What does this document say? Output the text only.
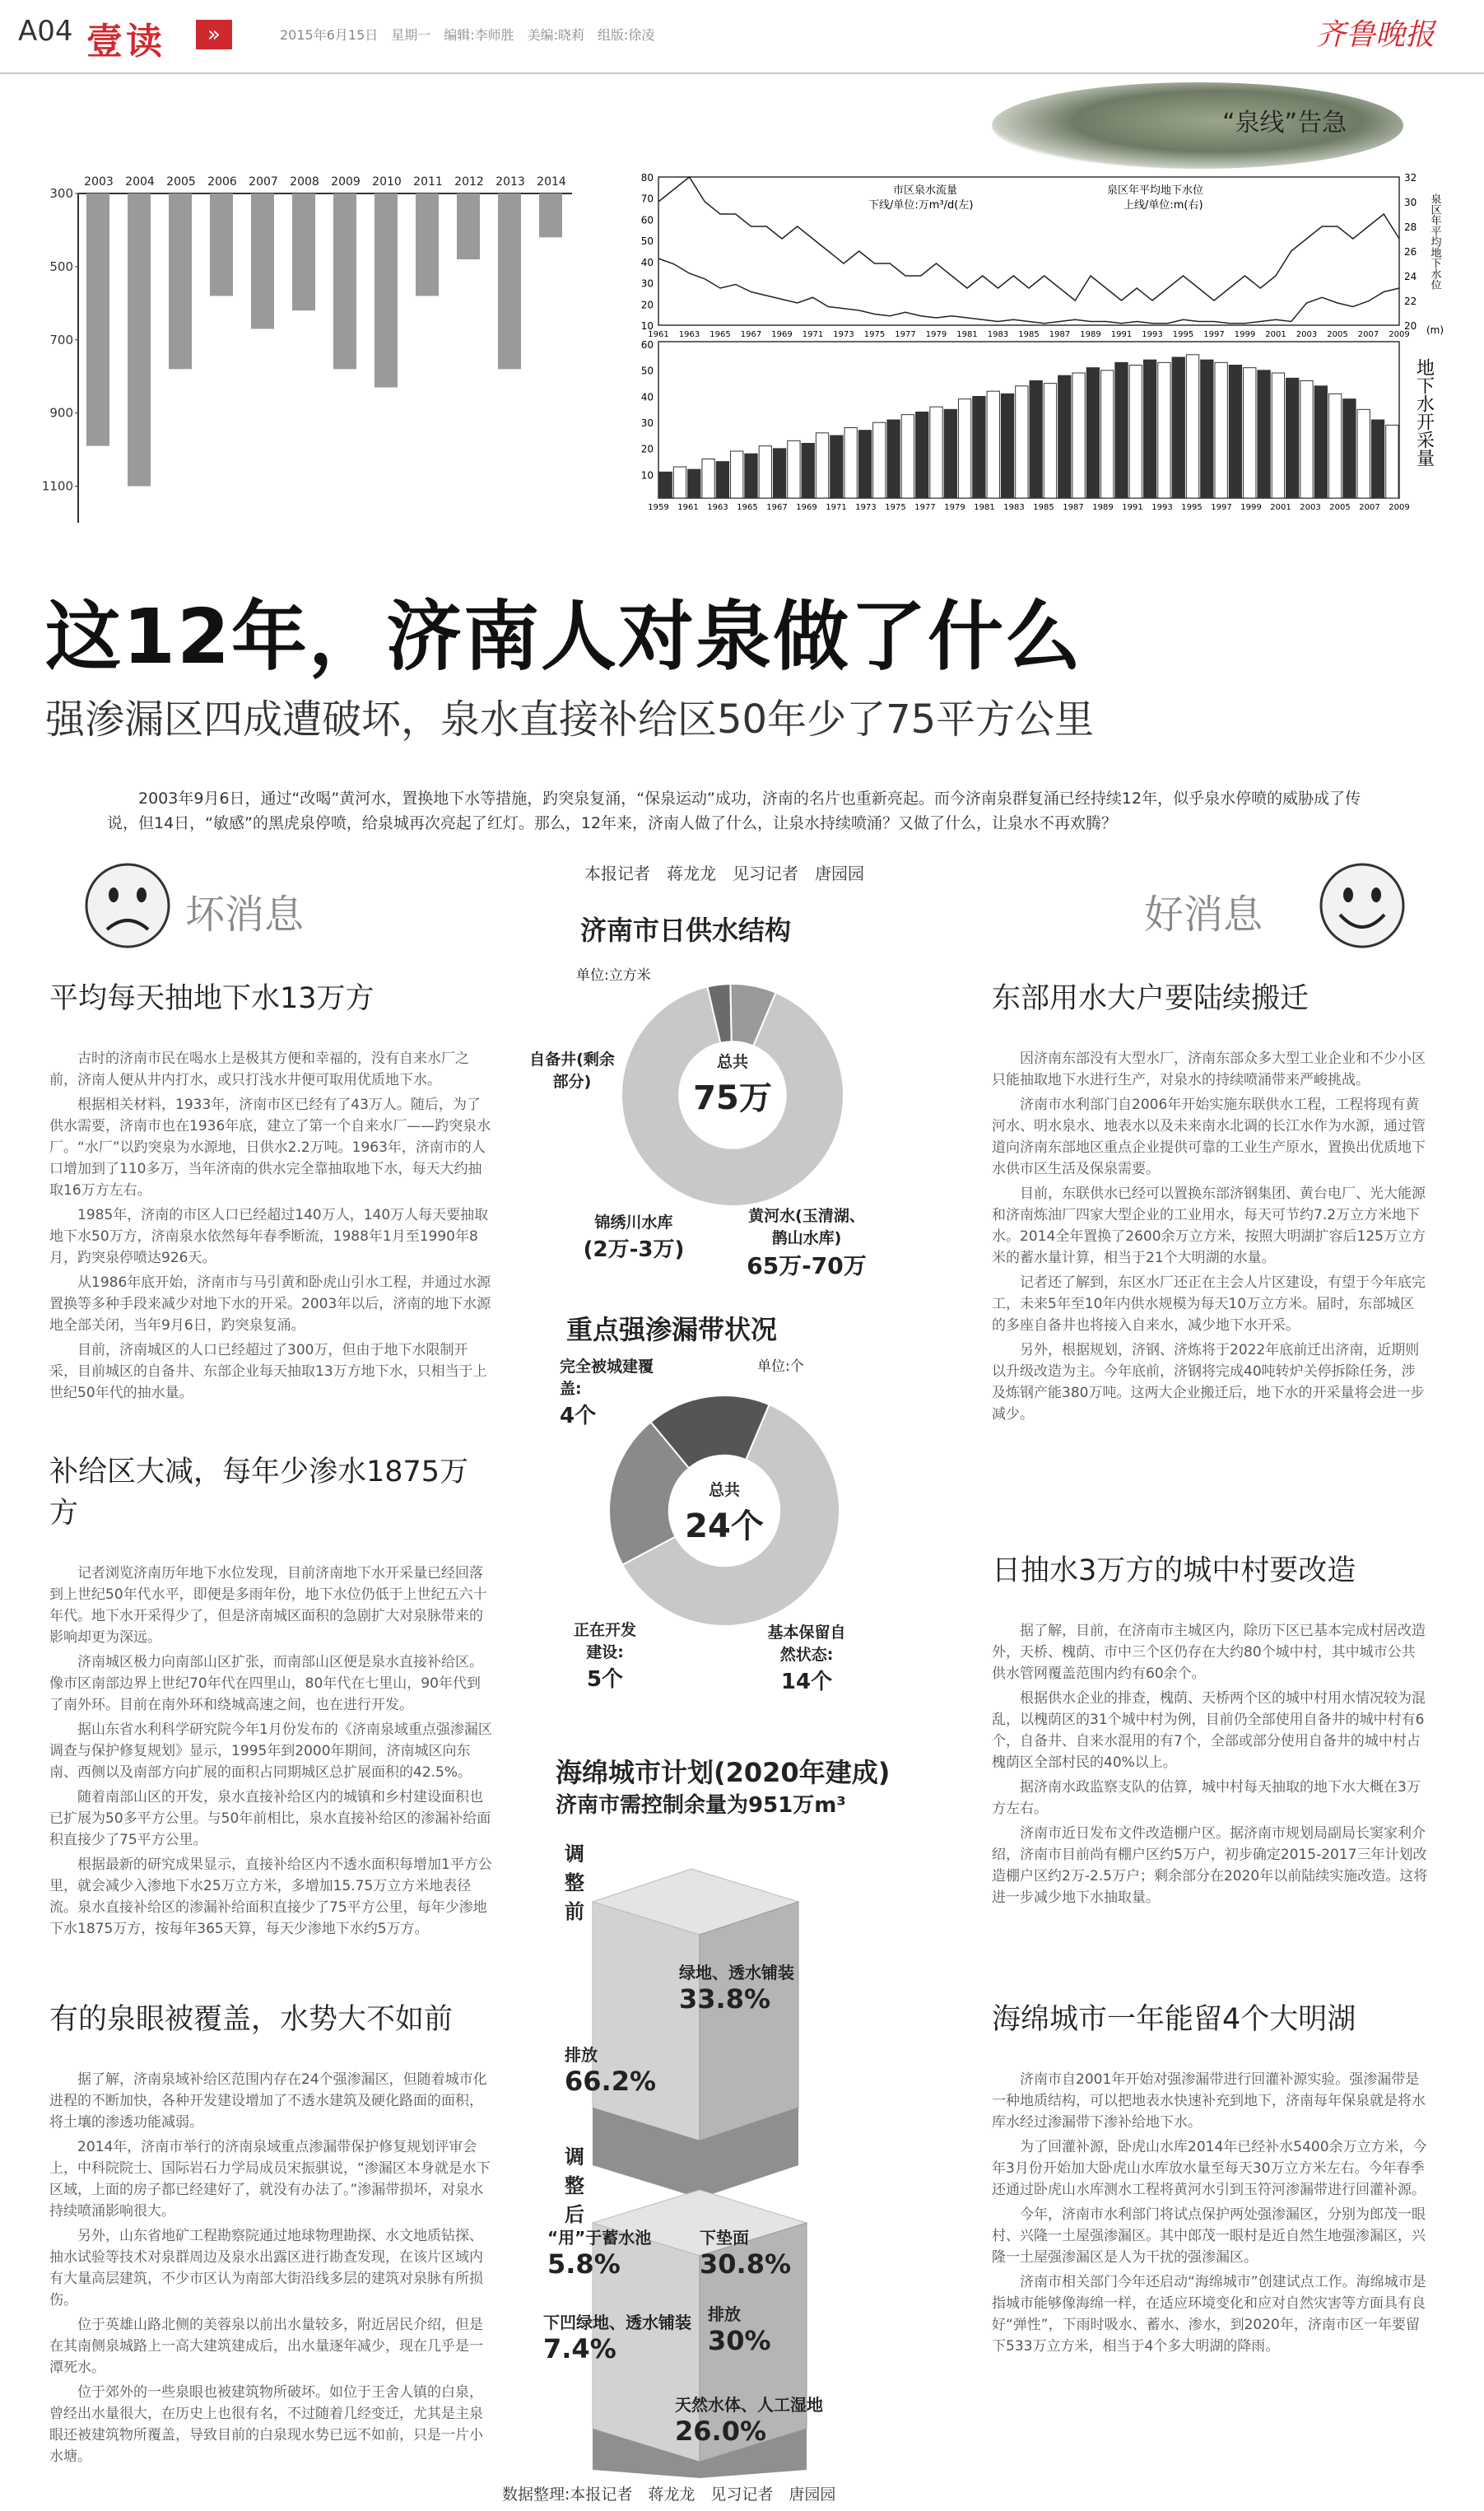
A04 壹读	»	2015年6月15日　星期一　编辑:李师胜　美编:晓莉　组版:徐凌	齐鲁晚报
“泉线”告急
300
500
700
900
1100
2003 2004 2005 2006 2007 2008 2009 2010 2011 2012 2013 2014	80
70
60
50
40
30
20
10
32
30
28
26
24
22
20
市区泉水流量
下线/单位:万m³/d(左)
泉区年平均地下水位
上线/单位:m(右)	泉区年平均地下水位
(m)
1961 1963 1965 1967 1969 1971 1973 1975 1977 1979 1981 1983 1985 1987 1989 1991 1993 1995 1997 1999 2001 2003 2005 2007 2009
60
50
40
30
20
10
1959 1961 1963 1965 1967 1969 1971 1973 1975 1977 1979 1981 1983 1985 1987 1989 1991 1993 1995 1997 1999 2001 2003 2005 2007 2009
地下水开采量
这12年，济南人对泉做了什么
强渗漏区四成遭破坏，泉水直接补给区50年少了75平方公里
2003年9月6日，通过“改喝”黄河水，置换地下水等措施，趵突泉复涌，“保泉运动”成功，济南的名片也重新亮起。而今济南泉群复涌已经持续12年，似乎泉水停喷的威胁成了传说，但14日，“敏感”的黑虎泉停喷，给泉城再次亮起了红灯。那么，12年来，济南人做了什么，让泉水持续喷涌？又做了什么，让泉水不再欢腾？
坏消息	好消息
本报记者　蒋龙龙　见习记者　唐园园
平均每天抽地下水13万方

古时的济南市民在喝水上是极其方便和幸福的，没有自来水厂之前，济南人便从井内打水，或只打浅水井便可取用优质地下水。

根据相关材料，1933年，济南市区已经有了43万人。随后，为了供水需要，济南市也在1936年底，建立了第一个自来水厂——趵突泉水厂。“水厂”以趵突泉为水源地，日供水2.2万吨。1963年，济南市的人口增加到了110多万，当年济南的供水完全靠抽取地下水，每天大约抽取16万方左右。

1985年，济南的市区人口已经超过140万人，140万人每天要抽取地下水50万方，济南泉水依然每年春季断流，1988年1月至1990年8月，趵突泉停喷达926天。

从1986年底开始，济南市与马引黄和卧虎山引水工程，并通过水源置换等多种手段来减少对地下水的开采。2003年以后，济南的地下水源地全部关闭，当年9月6日，趵突泉复涌。

目前，济南城区的人口已经超过了300万，但由于地下水限制开采，目前城区的自备井、东部企业每天抽取13万方地下水，只相当于上世纪50年代的抽水量。

补给区大减，每年少渗水1875万方

记者浏览济南历年地下水位发现，目前济南地下水开采量已经回落到上世纪50年代水平，即便是多雨年份，地下水位仍低于上世纪五六十年代。地下水开采得少了，但是济南城区面积的急剧扩大对泉脉带来的影响却更为深远。

济南城区极力向南部山区扩张，而南部山区便是泉水直接补给区。像市区南部边界上世纪70年代在四里山，80年代在七里山，90年代到了南外环。目前在南外环和绕城高速之间，也在进行开发。

据山东省水利科学研究院今年1月份发布的《济南泉域重点强渗漏区调查与保护修复规划》显示，1995年到2000年期间，济南城区向东南、西侧以及南部方向扩展的面积占同期城区总扩展面积的42.5%。

随着南部山区的开发，泉水直接补给区内的城镇和乡村建设面积也已扩展为50多平方公里。与50年前相比，泉水直接补给区的渗漏补给面积直接少了75平方公里。

根据最新的研究成果显示，直接补给区内不透水面积每增加1平方公里，就会减少入渗地下水25万立方米，多增加15.75万立方米地表径流。泉水直接补给区的渗漏补给面积直接少了75平方公里，每年少渗地下水1875万方，按每年365天算，每天少渗地下水约5万方。

有的泉眼被覆盖，水势大不如前

据了解，济南泉域补给区范围内存在24个强渗漏区，但随着城市化进程的不断加快，各种开发建设增加了不透水建筑及硬化路面的面积，将土壤的渗透功能减弱。

2014年，济南市举行的济南泉域重点渗漏带保护修复规划评审会上，中科院院士、国际岩石力学局成员宋振骐说，“渗漏区本身就是水下区域，上面的房子都已经建好了，就没有办法了。”渗漏带损坏，对泉水持续喷涌影响很大。

另外，山东省地矿工程勘察院通过地球物理勘探、水文地质钻探、抽水试验等技术对泉群周边及泉水出露区进行勘查发现，在该片区域内有大量高层建筑，不少市区认为南部大街沿线多层的建筑对泉脉有所损伤。

位于英雄山路北侧的美蓉泉以前出水量较多，附近居民介绍，但是在其南侧泉城路上一高大建筑建成后，出水量逐年减少，现在几乎是一潭死水。

位于郊外的一些泉眼也被建筑物所破坏。如位于王舍人镇的白泉，曾经出水量很大，在历史上也很有名，不过随着几经变迁，尤其是主泉眼还被建筑物所覆盖，导致目前的白泉现水势已远不如前，只是一片小水塘。

东部用水大户要陆续搬迁

因济南东部没有大型水厂，济南东部众多大型工业企业和不少小区只能抽取地下水进行生产，对泉水的持续喷涌带来严峻挑战。

济南市水利部门自2006年开始实施东联供水工程，工程将现有黄河水、明水泉水、地表水以及未来南水北调的长江水作为水源，通过管道向济南东部地区重点企业提供可靠的工业生产原水，置换出优质地下水供市区生活及保泉需要。

目前，东联供水已经可以置换东部济钢集团、黄台电厂、光大能源和济南炼油厂四家大型企业的工业用水，每天可节约7.2万立方米地下水。2014全年置换了2600余万立方米，按照大明湖扩容后125万立方米的蓄水量计算，相当于21个大明湖的水量。

记者还了解到，东区水厂还正在主会人片区建设，有望于今年底完工，未来5年至10年内供水规模为每天10万立方米。届时，东部城区的多座自备井也将接入自来水，减少地下水开采。

另外，根据规划，济钢、济炼将于2022年底前迁出济南，近期则以升级改造为主。今年底前，济钢将完成40吨转炉关停拆除任务，涉及炼钢产能380万吨。这两大企业搬迁后，地下水的开采量将会进一步减少。

日抽水3万方的城中村要改造

据了解，目前，在济南市主城区内，除历下区已基本完成村居改造外，天桥、槐荫、市中三个区仍存在大约80个城中村，其中城市公共供水管网覆盖范围内约有60余个。

根据供水企业的排查，槐荫、天桥两个区的城中村用水情况较为混乱，以槐荫区的31个城中村为例，目前仍全部使用自备井的城中村有6个，自备井、自来水混用的有7个，全部或部分使用自备井的城中村占槐荫区全部村民的40%以上。

据济南水政监察支队的估算，城中村每天抽取的地下水大概在3万方左右。

济南市近日发布文件改造棚户区。据济南市规划局副局长窦家利介绍，济南市目前尚有棚户区约5万户，初步确定2015-2017三年计划改造棚户区约2万-2.5万户；剩余部分在2020年以前陆续实施改造。这将进一步减少地下水抽取量。

海绵城市一年能留4个大明湖

济南市自2001年开始对强渗漏带进行回灌补源实验。强渗漏带是一种地质结构，可以把地表水快速补充到地下，济南每年保泉就是将水库水经过渗漏带下渗补给地下水。

为了回灌补源，卧虎山水库2014年已经补水5400余万立方米，今年3月份开始加大卧虎山水库放水量至每天30万立方米左右。今年春季还通过卧虎山水库测水工程将黄河水引到玉符河渗漏带进行回灌补源。

今年，济南市水利部门将试点保护两处强渗漏区，分别为郎茂一眼村、兴隆一土屋强渗漏区。其中郎茂一眼村是近自然生地强渗漏区，兴隆一土屋强渗漏区是人为干扰的强渗漏区。

济南市相关部门今年还启动“海绵城市”创建试点工作。海绵城市是指城市能够像海绵一样，在适应环境变化和应对自然灾害等方面具有良好“弹性”，下雨时吸水、蓄水、渗水，到2020年，济南市区一年要留下533万立方米，相当于4个多大明湖的降雨。

济南市日供水结构
单位:立方米
总共
75万
自备井(剩余部分)
锦绣川水库
(2万-3万)
黄河水(玉清湖、鹊山水库)
65万-70万
重点强渗漏带状况
单位:个
总共
24个
完全被城建覆盖:
4个
正在开发建设:
5个
基本保留自然状态:
14个
海绵城市计划(2020年建成)
济南市需控制余量为951万m³
调整前
绿地、透水铺装
33.8%
排放
66.2%
调整后
“用”于蓄水池
5.8%
下垫面
30.8%
排放
30%
下凹绿地、透水铺装
7.4%
天然水体、人工湿地
26.0%
数据整理:本报记者　蒋龙龙　见习记者　唐园园
